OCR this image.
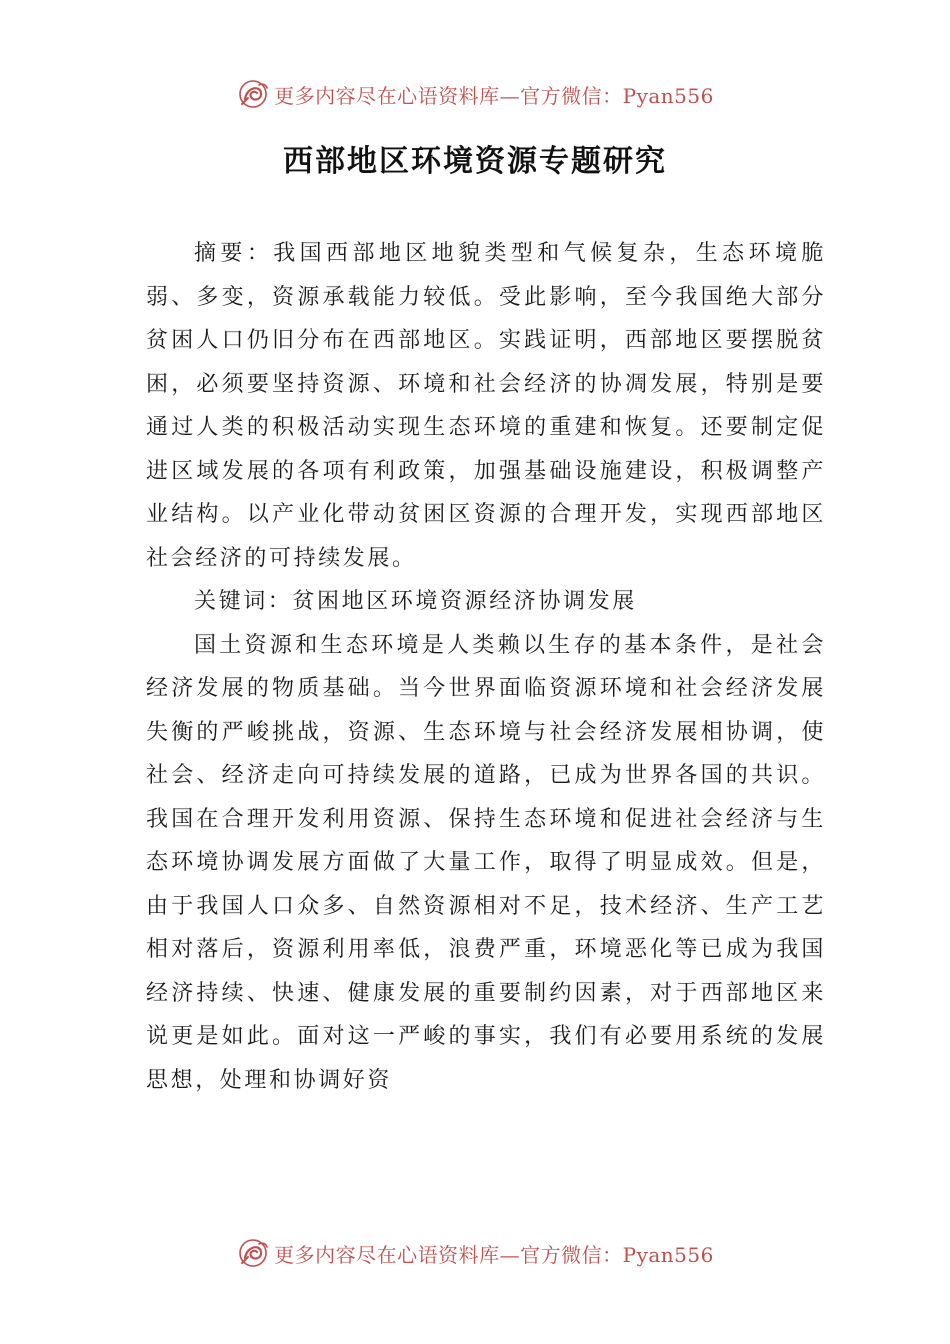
更多内容尽在心语资料库—官方微信：Pyan556
西部地区环境资源专题研究

摘要：我国西部地区地貌类型和气候复杂，生态环境脆弱、多变，资源承载能力较低。受此影响，至今我国绝大部分贫困人口仍旧分布在西部地区。实践证明，西部地区要摆脱贫困，必须要坚持资源、环境和社会经济的协凋发展，特别是要通过人类的积极活动实现生态环境的重建和恢复。还要制定促进区域发展的各项有利政策，加强基础设施建设，积极调整产业结构。以产业化带动贫困区资源的合理开发，实现西部地区社会经济的可持续发展。

关键词：贫困地区环境资源经济协调发展

国土资源和生态环境是人类赖以生存的基本条件，是社会经济发展的物质基础。当今世界面临资源环境和社会经济发展失衡的严峻挑战，资源、生态环境与社会经济发展相协调，使社会、经济走向可持续发展的道路，已成为世界各国的共识。我国在合理开发利用资源、保持生态环境和促进社会经济与生态环境协调发展方面做了大量工作，取得了明显成效。但是，由于我国人口众多、自然资源相对不足，技术经济、生产工艺相对落后，资源利用率低，浪费严重，环境恶化等已成为我国经济持续、快速、健康发展的重要制约因素，对于西部地区来说更是如此。面对这一严峻的事实，我们有必要用系统的发展思想，处理和协调好资

更多内容尽在心语资料库—官方微信：Pyan556
